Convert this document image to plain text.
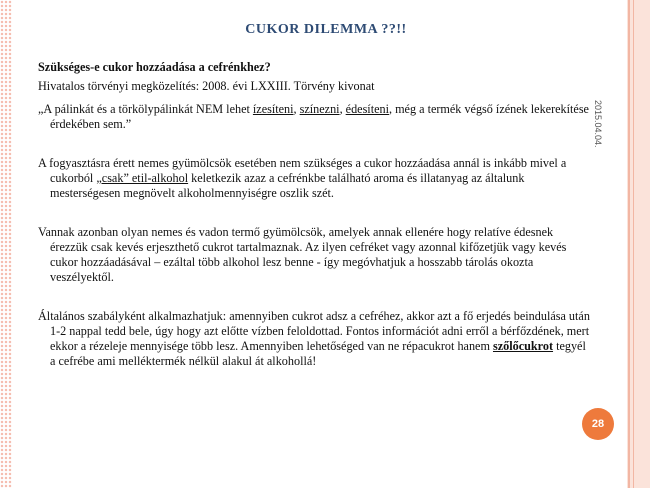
CUKOR DILEMMA ??!!
2015.04.04.

Szükséges-e cukor hozzáadása a cefrénkhez?

Hivatalos törvényi megközelítés: 2008. évi LXXIII. Törvény kivonat

„A pálinkát és a törkölypálinkát NEM lehet ízesíteni, színezni, édesíteni, még a termék végső ízének lekerekítése érdekében sem.”

A fogyasztásra érett nemes gyümölcsök esetében nem szükséges a cukor hozzáadása annál is inkább mivel a cukorból „csak” etil-alkohol keletkezik azaz a cefrénkbe található aroma és illatanyag az általunk mesterségesen megnövelt alkoholmennyiségre oszlik szét.

Vannak azonban olyan nemes és vadon termő gyümölcsök, amelyek annak ellenére hogy relatíve édesnek érezzük csak kevés erjeszthető cukrot tartalmaznak. Az ilyen cefréket vagy azonnal kifőzetjük vagy kevés cukor hozzáadásával – ezáltal több alkohol lesz benne - így megóvhatjuk a hosszabb tárolás okozta veszélyektől.

Általános szabályként alkalmazhatjuk: amennyiben cukrot adsz a cefréhez, akkor azt a fő erjedés beindulása után 1-2 nappal tedd bele, úgy hogy azt előtte vízben feloldottad. Fontos információt adni erről a bérfőzdének, mert ekkor a rézeleje mennyisége több lesz. Amennyiben lehetőséged van ne répacukrot hanem szőlőcukrot tegyél a cefrébe ami melléktermék nélkül alakul át alkohollá!

28
